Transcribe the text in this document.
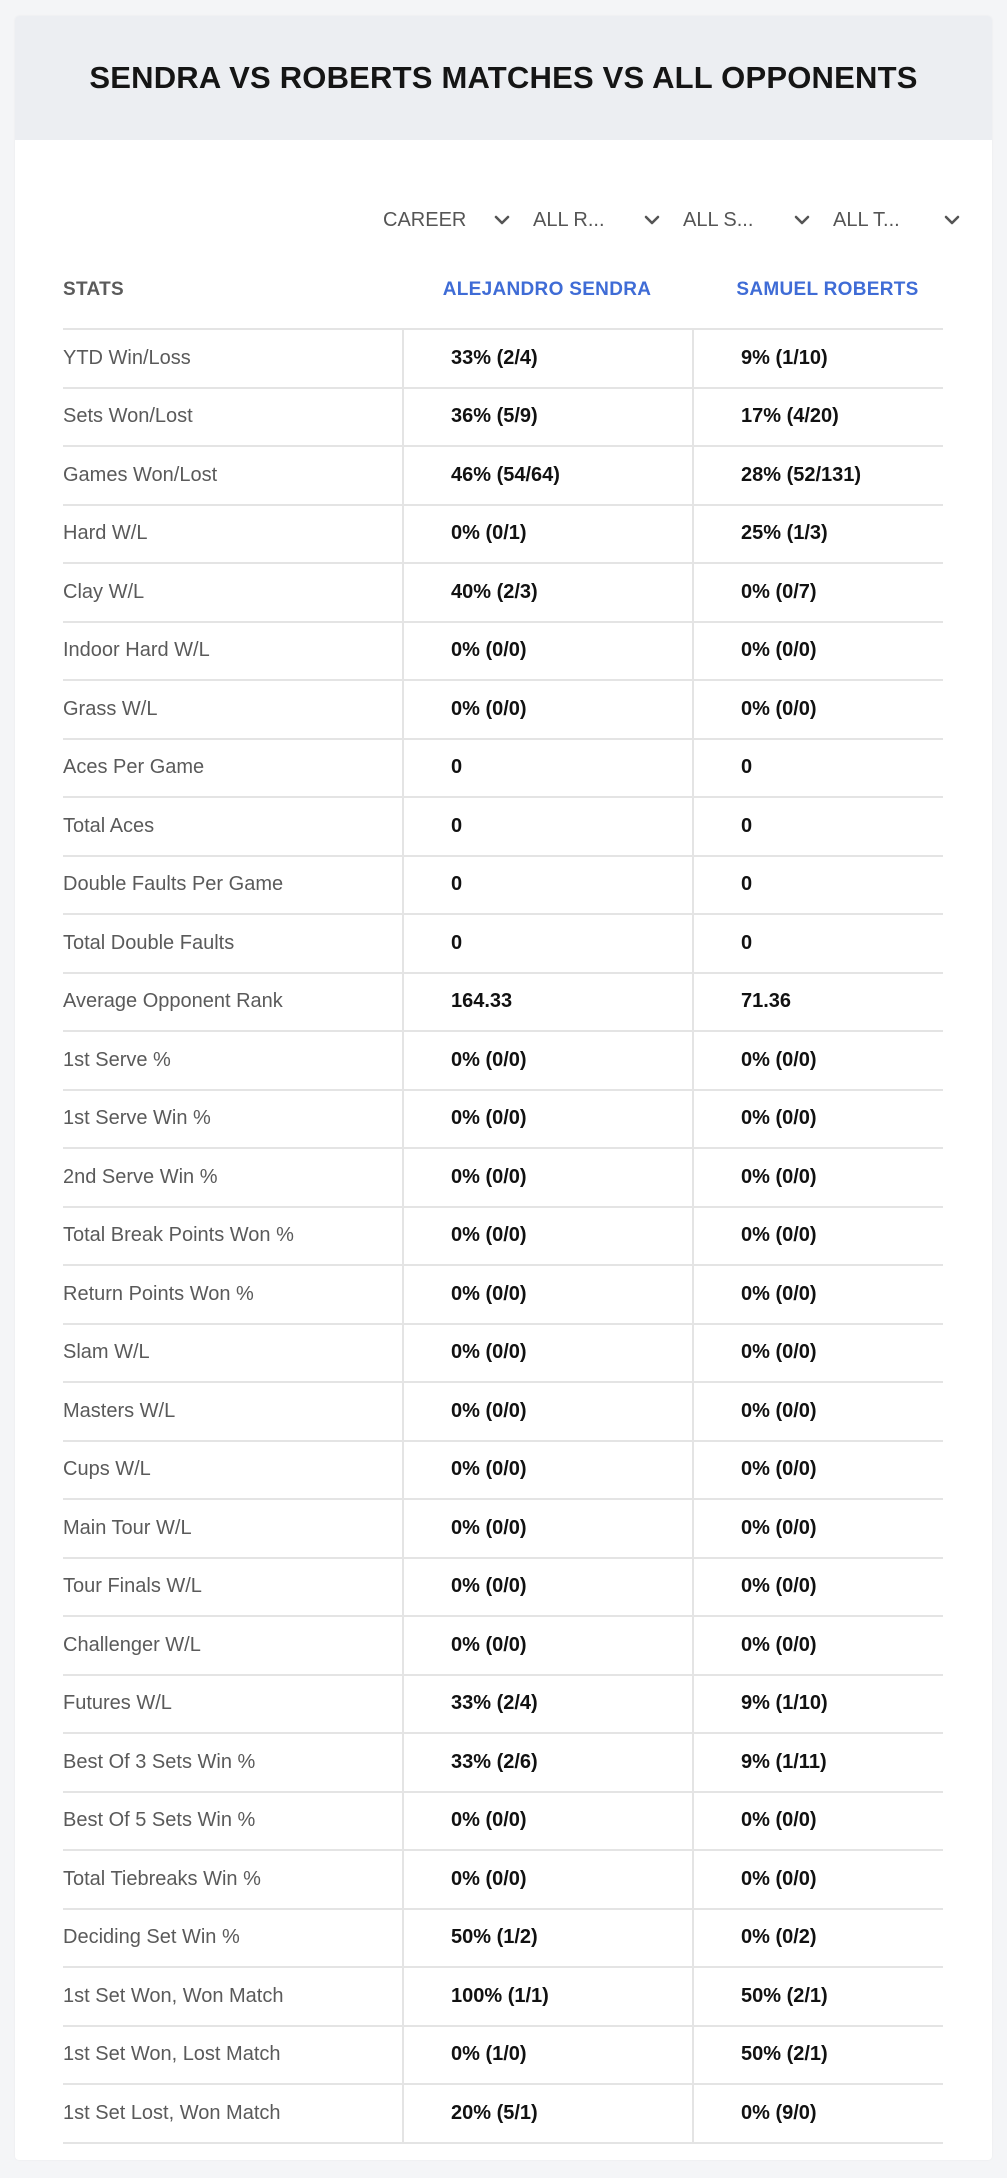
SENDRA VS ROBERTS MATCHES VS ALL OPPONENTS
CAREER	ALL R...	ALL S...	ALL T...
STATS	ALEJANDRO SENDRA	SAMUEL ROBERTS
YTD Win/Loss	33% (2/4)	9% (1/10)
Sets Won/Lost	36% (5/9)	17% (4/20)
Games Won/Lost	46% (54/64)	28% (52/131)
Hard W/L	0% (0/1)	25% (1/3)
Clay W/L	40% (2/3)	0% (0/7)
Indoor Hard W/L	0% (0/0)	0% (0/0)
Grass W/L	0% (0/0)	0% (0/0)
Aces Per Game	0	0
Total Aces	0	0
Double Faults Per Game	0	0
Total Double Faults	0	0
Average Opponent Rank	164.33	71.36
1st Serve %	0% (0/0)	0% (0/0)
1st Serve Win %	0% (0/0)	0% (0/0)
2nd Serve Win %	0% (0/0)	0% (0/0)
Total Break Points Won %	0% (0/0)	0% (0/0)
Return Points Won %	0% (0/0)	0% (0/0)
Slam W/L	0% (0/0)	0% (0/0)
Masters W/L	0% (0/0)	0% (0/0)
Cups W/L	0% (0/0)	0% (0/0)
Main Tour W/L	0% (0/0)	0% (0/0)
Tour Finals W/L	0% (0/0)	0% (0/0)
Challenger W/L	0% (0/0)	0% (0/0)
Futures W/L	33% (2/4)	9% (1/10)
Best Of 3 Sets Win %	33% (2/6)	9% (1/11)
Best Of 5 Sets Win %	0% (0/0)	0% (0/0)
Total Tiebreaks Win %	0% (0/0)	0% (0/0)
Deciding Set Win %	50% (1/2)	0% (0/2)
1st Set Won, Won Match	100% (1/1)	50% (2/1)
1st Set Won, Lost Match	0% (1/0)	50% (2/1)
1st Set Lost, Won Match	20% (5/1)	0% (9/0)
